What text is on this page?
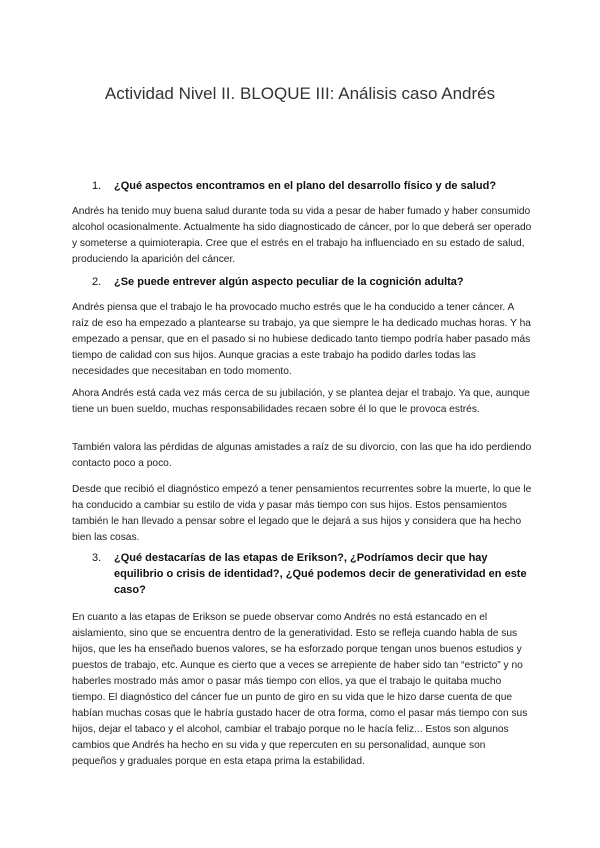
Actividad Nivel II. BLOQUE III: Análisis caso Andrés
1. ¿Qué aspectos encontramos en el plano del desarrollo físico y de salud?

Andrés ha tenido muy buena salud durante toda su vida a pesar de haber fumado y haber consumido alcohol ocasionalmente. Actualmente ha sido diagnosticado de cáncer, por lo que deberá ser operado y someterse a quimioterapia. Cree que el estrés en el trabajo ha influenciado en su estado de salud, produciendo la aparición del cáncer.

2. ¿Se puede entrever algún aspecto peculiar de la cognición adulta?

Andrés piensa que el trabajo le ha provocado mucho estrés que le ha conducido a tener cáncer. A raíz de eso ha empezado a plantearse su trabajo, ya que siempre le ha dedicado muchas horas. Y ha empezado a pensar, que en el pasado si no hubiese dedicado tanto tiempo podría haber pasado más tiempo de calidad con sus hijos. Aunque gracias a este trabajo ha podido darles todas las necesidades que necesitaban en todo momento.

Ahora Andrés está cada vez más cerca de su jubilación, y se plantea dejar el trabajo. Ya que, aunque tiene un buen sueldo, muchas responsabilidades recaen sobre él lo que le provoca estrés.

También valora las pérdidas de algunas amistades a raíz de su divorcio, con las que ha ido perdiendo contacto poco a poco.

Desde que recibió el diagnóstico empezó a tener pensamientos recurrentes sobre la muerte, lo que le ha conducido a cambiar su estilo de vida y pasar más tiempo con sus hijos. Estos pensamientos también le han llevado a pensar sobre el legado que le dejará a sus hijos y considera que ha hecho bien las cosas.

3. ¿Qué destacarías de las etapas de Erikson?, ¿Podríamos decir que hay equilibrio o crisis de identidad?, ¿Qué podemos decir de generatividad en este caso?

En cuanto a las etapas de Erikson se puede observar como Andrés no está estancado en el aislamiento, sino que se encuentra dentro de la generatividad. Esto se refleja cuando habla de sus hijos, que les ha enseñado buenos valores, se ha esforzado porque tengan unos buenos estudios y puestos de trabajo, etc. Aunque es cierto que a veces se arrepiente de haber sido tan “estricto” y no haberles mostrado más amor o pasar más tiempo con ellos, ya que el trabajo le quitaba mucho tiempo. El diagnóstico del cáncer fue un punto de giro en su vida que le hizo darse cuenta de que habían muchas cosas que le habría gustado hacer de otra forma, como el pasar más tiempo con sus hijos, dejar el tabaco y el alcohol, cambiar el trabajo porque no le hacía feliz... Estos son algunos cambios que Andrés ha hecho en su vida y que repercuten en su personalidad, aunque son pequeños y graduales porque en esta etapa prima la estabilidad.
